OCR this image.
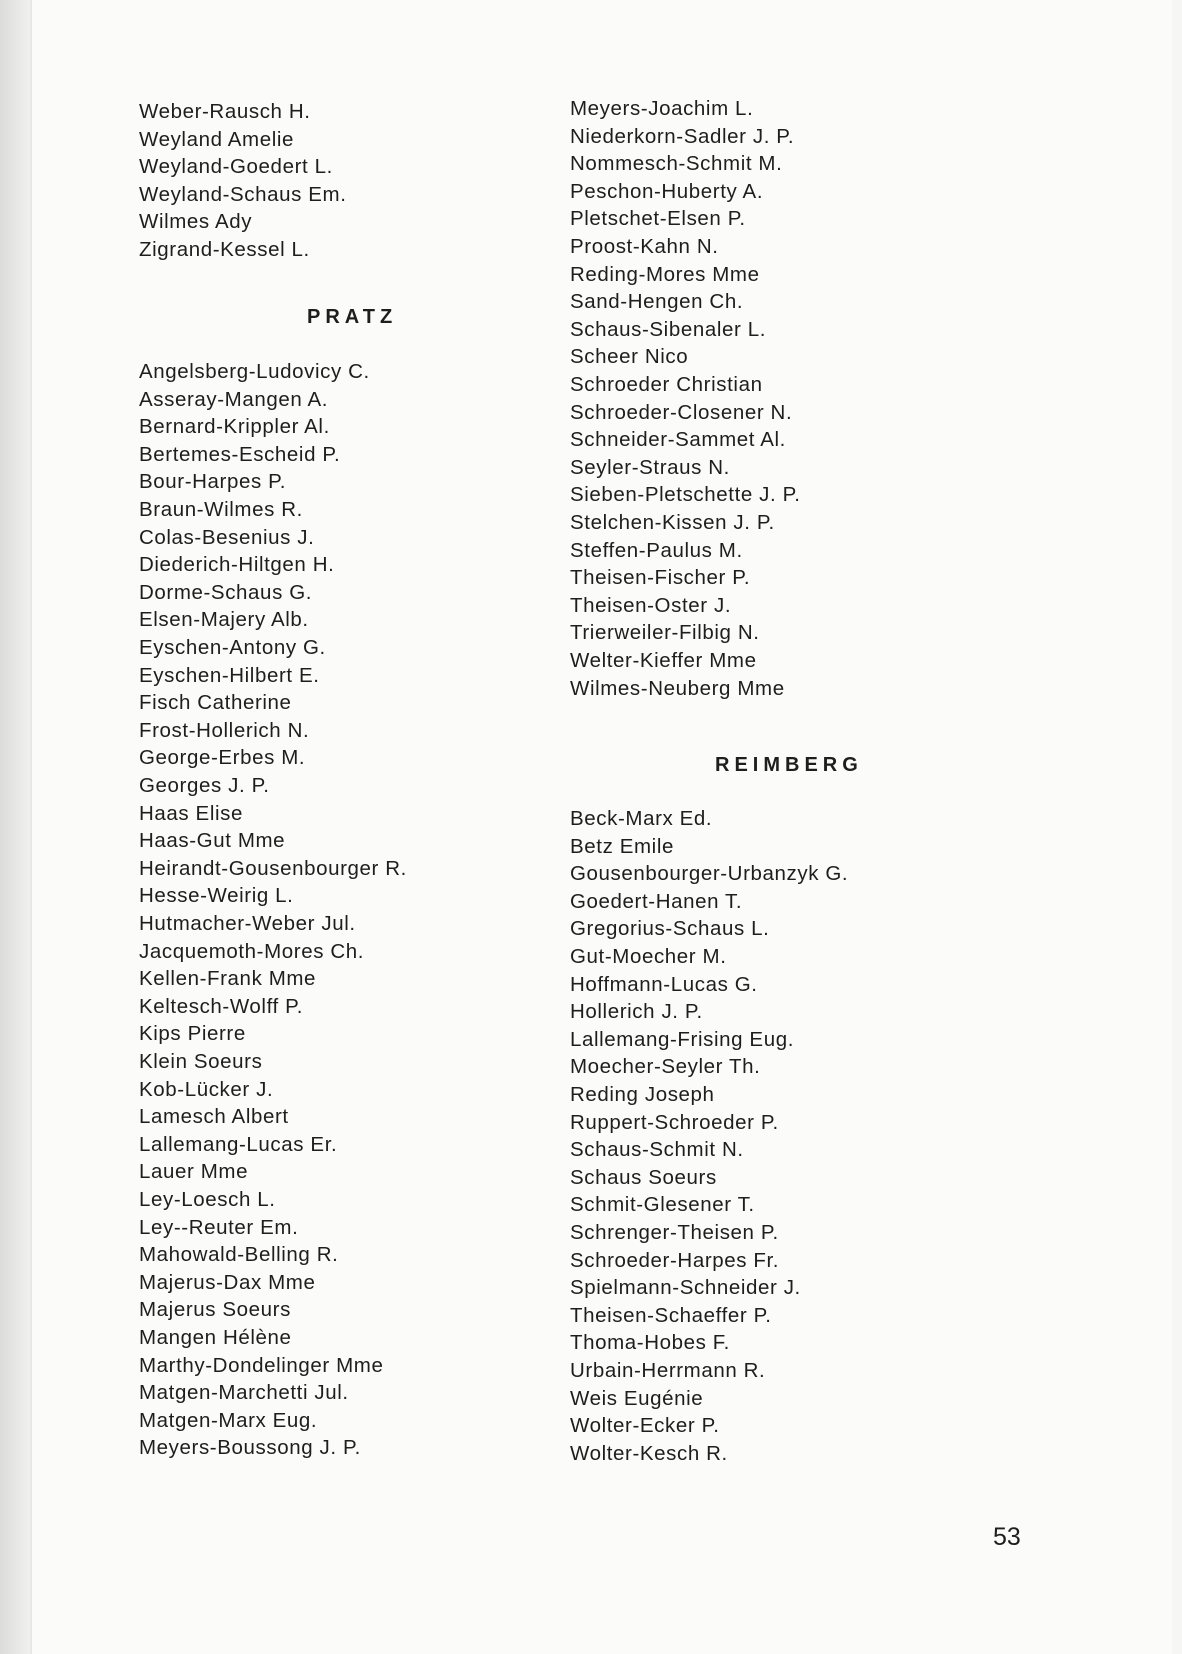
Weber-Rausch H.
Weyland Amelie
Weyland-Goedert L.
Weyland-Schaus Em.
Wilmes Ady
Zigrand-Kessel L.
PRATZ
Angelsberg-Ludovicy C.
Asseray-Mangen A.
Bernard-Krippler Al.
Bertemes-Escheid P.
Bour-Harpes P.
Braun-Wilmes R.
Colas-Besenius J.
Diederich-Hiltgen H.
Dorme-Schaus G.
Elsen-Majery Alb.
Eyschen-Antony G.
Eyschen-Hilbert E.
Fisch Catherine
Frost-Hollerich N.
George-Erbes M.
Georges J. P.
Haas Elise
Haas-Gut Mme
Heirandt-Gousenbourger R.
Hesse-Weirig L.
Hutmacher-Weber Jul.
Jacquemoth-Mores Ch.
Kellen-Frank Mme
Keltesch-Wolff P.
Kips Pierre
Klein Soeurs
Kob-Lücker J.
Lamesch Albert
Lallemang-Lucas Er.
Lauer Mme
Ley-Loesch L.
Ley--Reuter Em.
Mahowald-Belling R.
Majerus-Dax Mme
Majerus Soeurs
Mangen Hélène
Marthy-Dondelinger Mme
Matgen-Marchetti Jul.
Matgen-Marx Eug.
Meyers-Boussong J. P.
Meyers-Joachim L.
Niederkorn-Sadler J. P.
Nommesch-Schmit M.
Peschon-Huberty A.
Pletschet-Elsen P.
Proost-Kahn N.
Reding-Mores Mme
Sand-Hengen Ch.
Schaus-Sibenaler L.
Scheer Nico
Schroeder Christian
Schroeder-Closener N.
Schneider-Sammet Al.
Seyler-Straus N.
Sieben-Pletschette J. P.
Stelchen-Kissen J. P.
Steffen-Paulus M.
Theisen-Fischer P.
Theisen-Oster J.
Trierweiler-Filbig N.
Welter-Kieffer Mme
Wilmes-Neuberg Mme
REIMBERG
Beck-Marx Ed.
Betz Emile
Gousenbourger-Urbanzyk G.
Goedert-Hanen T.
Gregorius-Schaus L.
Gut-Moecher M.
Hoffmann-Lucas G.
Hollerich J. P.
Lallemang-Frising Eug.
Moecher-Seyler Th.
Reding Joseph
Ruppert-Schroeder P.
Schaus-Schmit N.
Schaus Soeurs
Schmit-Glesener T.
Schrenger-Theisen P.
Schroeder-Harpes Fr.
Spielmann-Schneider J.
Theisen-Schaeffer P.
Thoma-Hobes F.
Urbain-Herrmann R.
Weis Eugénie
Wolter-Ecker P.
Wolter-Kesch R.
53
